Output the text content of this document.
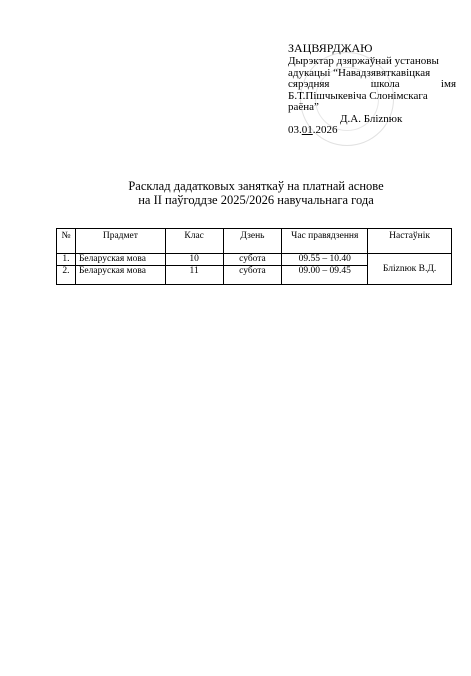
ЗАЦВЯРДЖАЮ
Дырэктар дзяржаўнай установы
адукацыі “Навадзявяткавіцкая
сярэдняя школа імя
Б.Т.Пішчыкевіча Слонімскага
раёна”
Д.А. Бліznюк
03.01.2026
Расклад дадатковых заняткаў на платнай аснове
на ІІ паўгоддзе 2025/2026 навучальнага года
№	Прадмет	Клас	Дзень	Час правядзення	Настаўнік
1.	Беларуская мова	10	субота	09.55 – 10.40	Бліznюк В.Д.
2.	Беларуская мова	11	субота	09.00 – 09.45	
